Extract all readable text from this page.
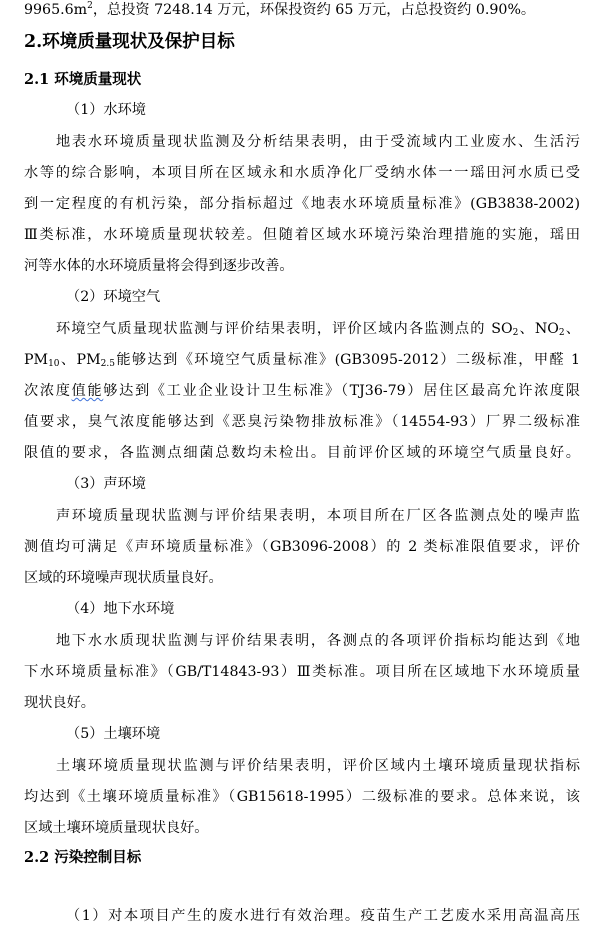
$9965.6m^2$，总投资 7248.14 万元，环保投资约 65 万元，占总投资约 0.90%。
2.环境质量现状及保护目标
2.1 环境质量现状
（1）水环境
地表水环境质量现状监测及分析结果表明，由于受流域内工业废水、生活污
水等的综合影响，本项目所在区域永和水质净化厂受纳水体一一瑶田河水质已受
到一定程度的有机污染，部分指标超过《地表水环境质量标准》(GB3838-2002)
Ⅲ类标准，水环境质量现状较差。但随着区域水环境污染治理措施的实施，瑶田
河等水体的水环境质量将会得到逐步改善。
（2）环境空气
环境空气质量现状监测与评价结果表明，评价区域内各监测点的 $SO_2$、$NO_2$、
$PM_{10}$、$PM_{2.5}$能够达到《环境空气质量标准》(GB3095-2012）二级标准，甲醛 1
次浓度值能够达到《工业企业设计卫生标准》（TJ36-79）居住区最高允许浓度限
值要求，臭气浓度能够达到《恶臭污染物排放标准》（14554-93）厂界二级标准
限值的要求，各监测点细菌总数均未检出。目前评价区域的环境空气质量良好。
（3）声环境
声环境质量现状监测与评价结果表明，本项目所在厂区各监测点处的噪声监
测值均可满足《声环境质量标准》（GB3096-2008）的 2 类标准限值要求，评价
区域的环境噪声现状质量良好。
（4）地下水环境
地下水水质现状监测与评价结果表明，各测点的各项评价指标均能达到《地
下水环境质量标准》（GB/T14843-93）Ⅲ类标准。项目所在区域地下水环境质量
现状良好。
（5）土壤环境
土壤环境质量现状监测与评价结果表明，评价区域内土壤环境质量现状指标
均达到《土壤环境质量标准》（GB15618-1995）二级标准的要求。总体来说，该
区域土壤环境质量现状良好。
2.2 污染控制目标
（1）对本项目产生的废水进行有效治理。疫苗生产工艺废水采用高温高压
